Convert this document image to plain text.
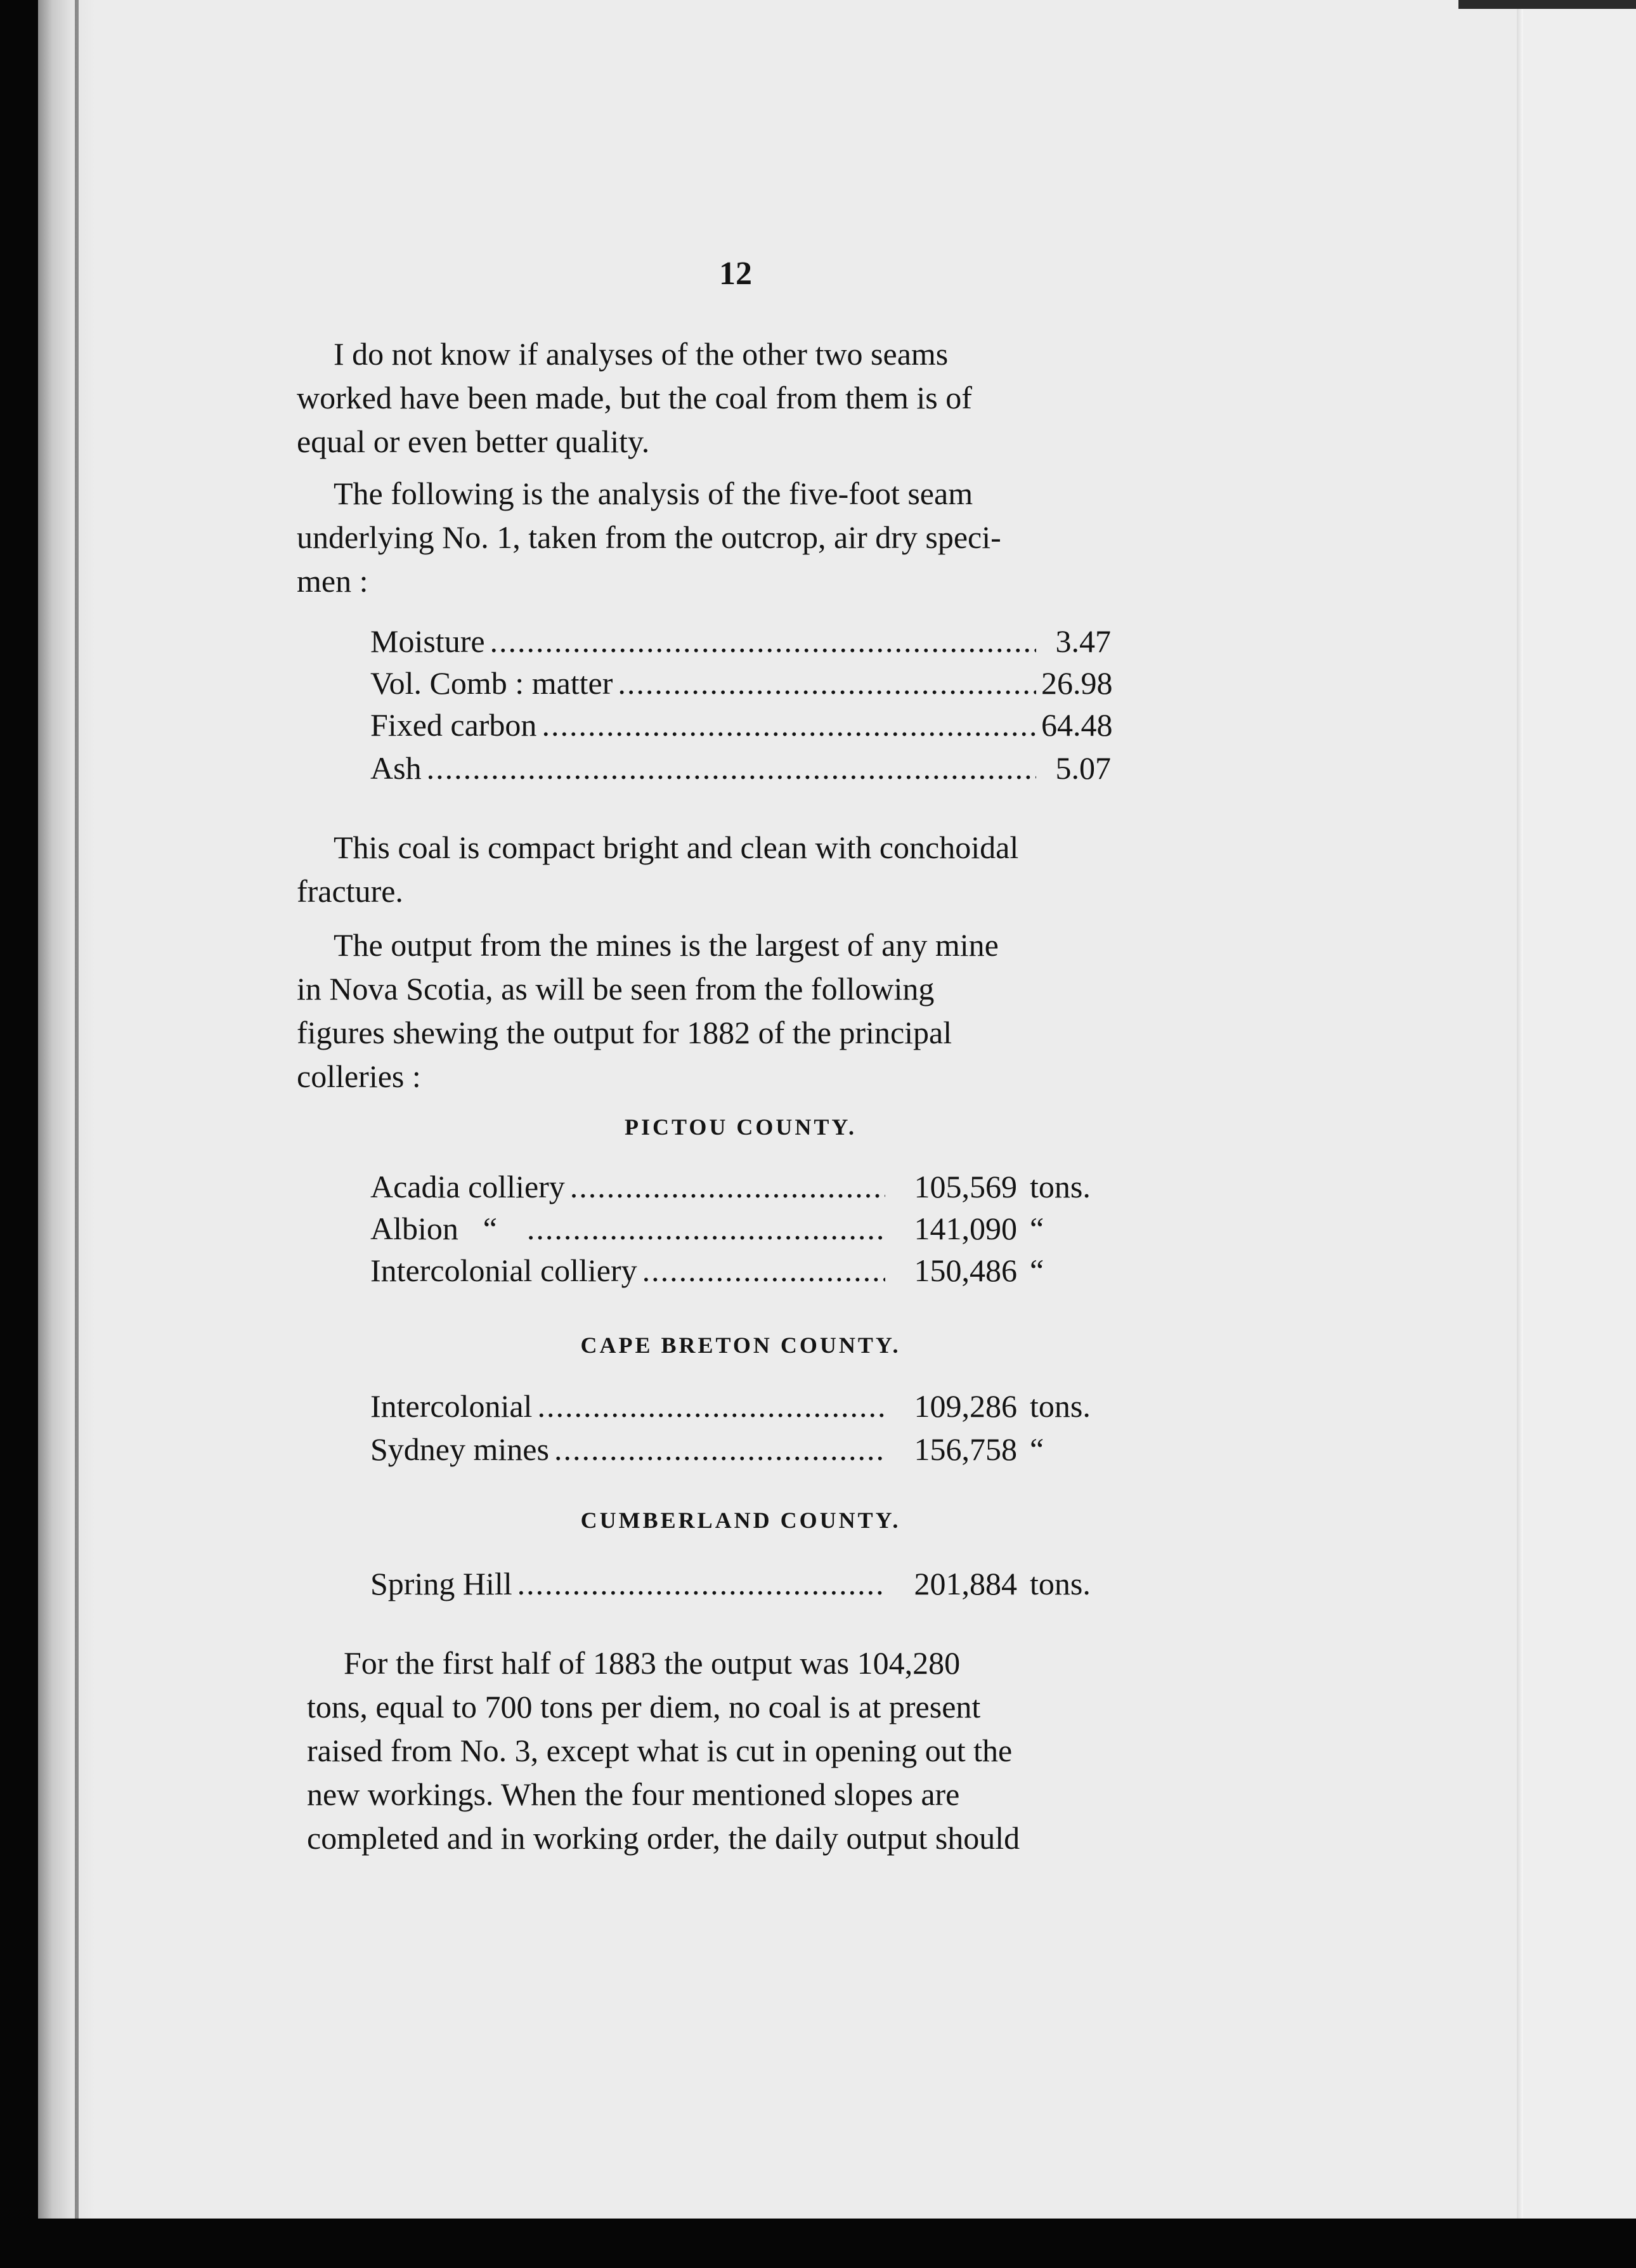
12

I do not know if analyses of the other two seams
worked have been made, but the coal from them is of
equal or even better quality.

The following is the analysis of the five-foot seam
underlying No. 1, taken from the outcrop, air dry speci-
men :

Moisture .....	3.47
Vol. Comb : matter .....	26.98
Fixed carbon .....	64.48
Ash .....	5.07

This coal is compact bright and clean with conchoidal
fracture.

The output from the mines is the largest of any mine
in Nova Scotia, as will be seen from the following
figures shewing the output for 1882 of the principal
colleries :

PICTOU COUNTY.
Acadia colliery .....	105,569 tons.
Albion “ .....	141,090 “
Intercolonial colliery .....	150,486 “
CAPE BRETON COUNTY.
Intercolonial .....	109,286 tons.
Sydney mines .....	156,758 “
CUMBERLAND COUNTY.
Spring Hill .....	201,884 tons.

For the first half of 1883 the output was 104,280
tons, equal to 700 tons per diem, no coal is at present
raised from No. 3, except what is cut in opening out the
new workings. When the four mentioned slopes are
completed and in working order, the daily output should
